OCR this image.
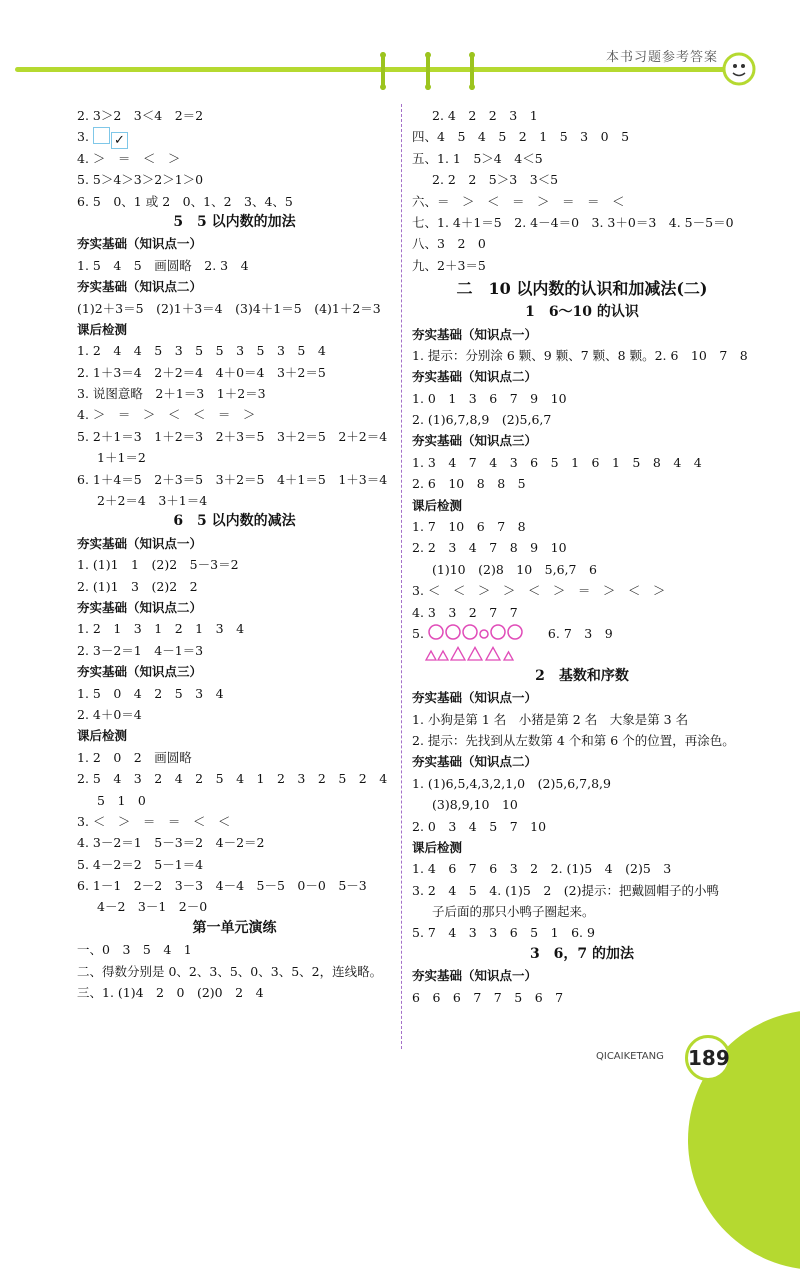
本书习题参考答案
2. 3＞2　3＜4　2＝2
3. ✓
4. ＞　＝　＜　＞
5. 5＞4＞3＞2＞1＞0
6. 5　0、1 或 2　0、1、2　3、4、5
5　5 以内数的加法
夯实基础（知识点一）
1. 5　4　5　画圆略　2. 3　4
夯实基础（知识点二）
(1)2＋3＝5　(2)1＋3＝4　(3)4＋1＝5　(4)1＋2＝3
课后检测
1. 2　4　4　5　3　5　5　3　5　3　5　4
2. 1＋3＝4　2＋2＝4　4＋0＝4　3＋2＝5
3. 说图意略　2＋1＝3　1＋2＝3
4. ＞　＝　＞　＜　＜　＝　＞
5. 2＋1＝3　1＋2＝3　2＋3＝5　3＋2＝5　2＋2＝4
1＋1＝2
6. 1＋4＝5　2＋3＝5　3＋2＝5　4＋1＝5　1＋3＝4
2＋2＝4　3＋1＝4
6　5 以内数的减法
夯实基础（知识点一）
1. (1)1　1　(2)2　5－3＝2
2. (1)1　3　(2)2　2
夯实基础（知识点二）
1. 2　1　3　1　2　1　3　4
2. 3－2＝1　4－1＝3
夯实基础（知识点三）
1. 5　0　4　2　5　3　4
2. 4＋0＝4
课后检测
1. 2　0　2　画圆略
2. 5　4　3　2　4　2　5　4　1　2　3　2　5　2　4
5　1　0
3. ＜　＞　＝　＝　＜　＜
4. 3－2＝1　5－3＝2　4－2＝2
5. 4－2＝2　5－1＝4
6. 1－1　2－2　3－3　4－4　5－5　0－0　5－3
4－2　3－1　2－0
第一单元演练
一、0　3　5　4　1
二、得数分别是 0、2、3、5、0、3、5、2，连线略。
三、1. (1)4　2　0　(2)0　2　4
2. 4　2　2　3　1
四、4　5　4　5　2　1　5　3　0　5
五、1. 1　5＞4　4＜5
2. 2　2　5＞3　3＜5
六、＝　＞　＜　＝　＞　＝　＝　＜
七、1. 4＋1＝5　2. 4－4＝0　3. 3＋0＝3　4. 5－5＝0
八、3　2　0
九、2＋3＝5
二　10 以内数的认识和加减法(二)
1　6～10 的认识
夯实基础（知识点一）
1. 提示：分别涂 6 颗、9 颗、7 颗、8 颗。2. 6　10　7　8
夯实基础（知识点二）
1. 0　1　3　6　7　9　10
2. (1)6,7,8,9　(2)5,6,7
夯实基础（知识点三）
1. 3　4　7　4　3　6　5　1　6　1　5　8　4　4
2. 6　10　8　8　5
课后检测
1. 7　10　6　7　8
2. 2　3　4　7　8　9　10
(1)10　(2)8　10　5,6,7　6
3. ＜　＜　＞　＞　＜　＞　＝　＞　＜　＞
4. 3　3　2　7　7
5.	6. 7　3　9
2　基数和序数
夯实基础（知识点一）
1. 小狗是第 1 名　小猪是第 2 名　大象是第 3 名
2. 提示：先找到从左数第 4 个和第 6 个的位置，再涂色。
夯实基础（知识点二）
1. (1)6,5,4,3,2,1,0　(2)5,6,7,8,9
(3)8,9,10　10
2. 0　3　4　5　7　10
课后检测
1. 4　6　7　6　3　2　2. (1)5　4　(2)5　3
3. 2　4　5　4. (1)5　2　(2)提示：把戴圆帽子的小鸭
子后面的那只小鸭子圈起来。
5. 7　4　3　3　6　5　1　6. 9
3　6，7 的加法
夯实基础（知识点一）
6　6　6　7　7　5　6　7
QICAIKETANG 189
